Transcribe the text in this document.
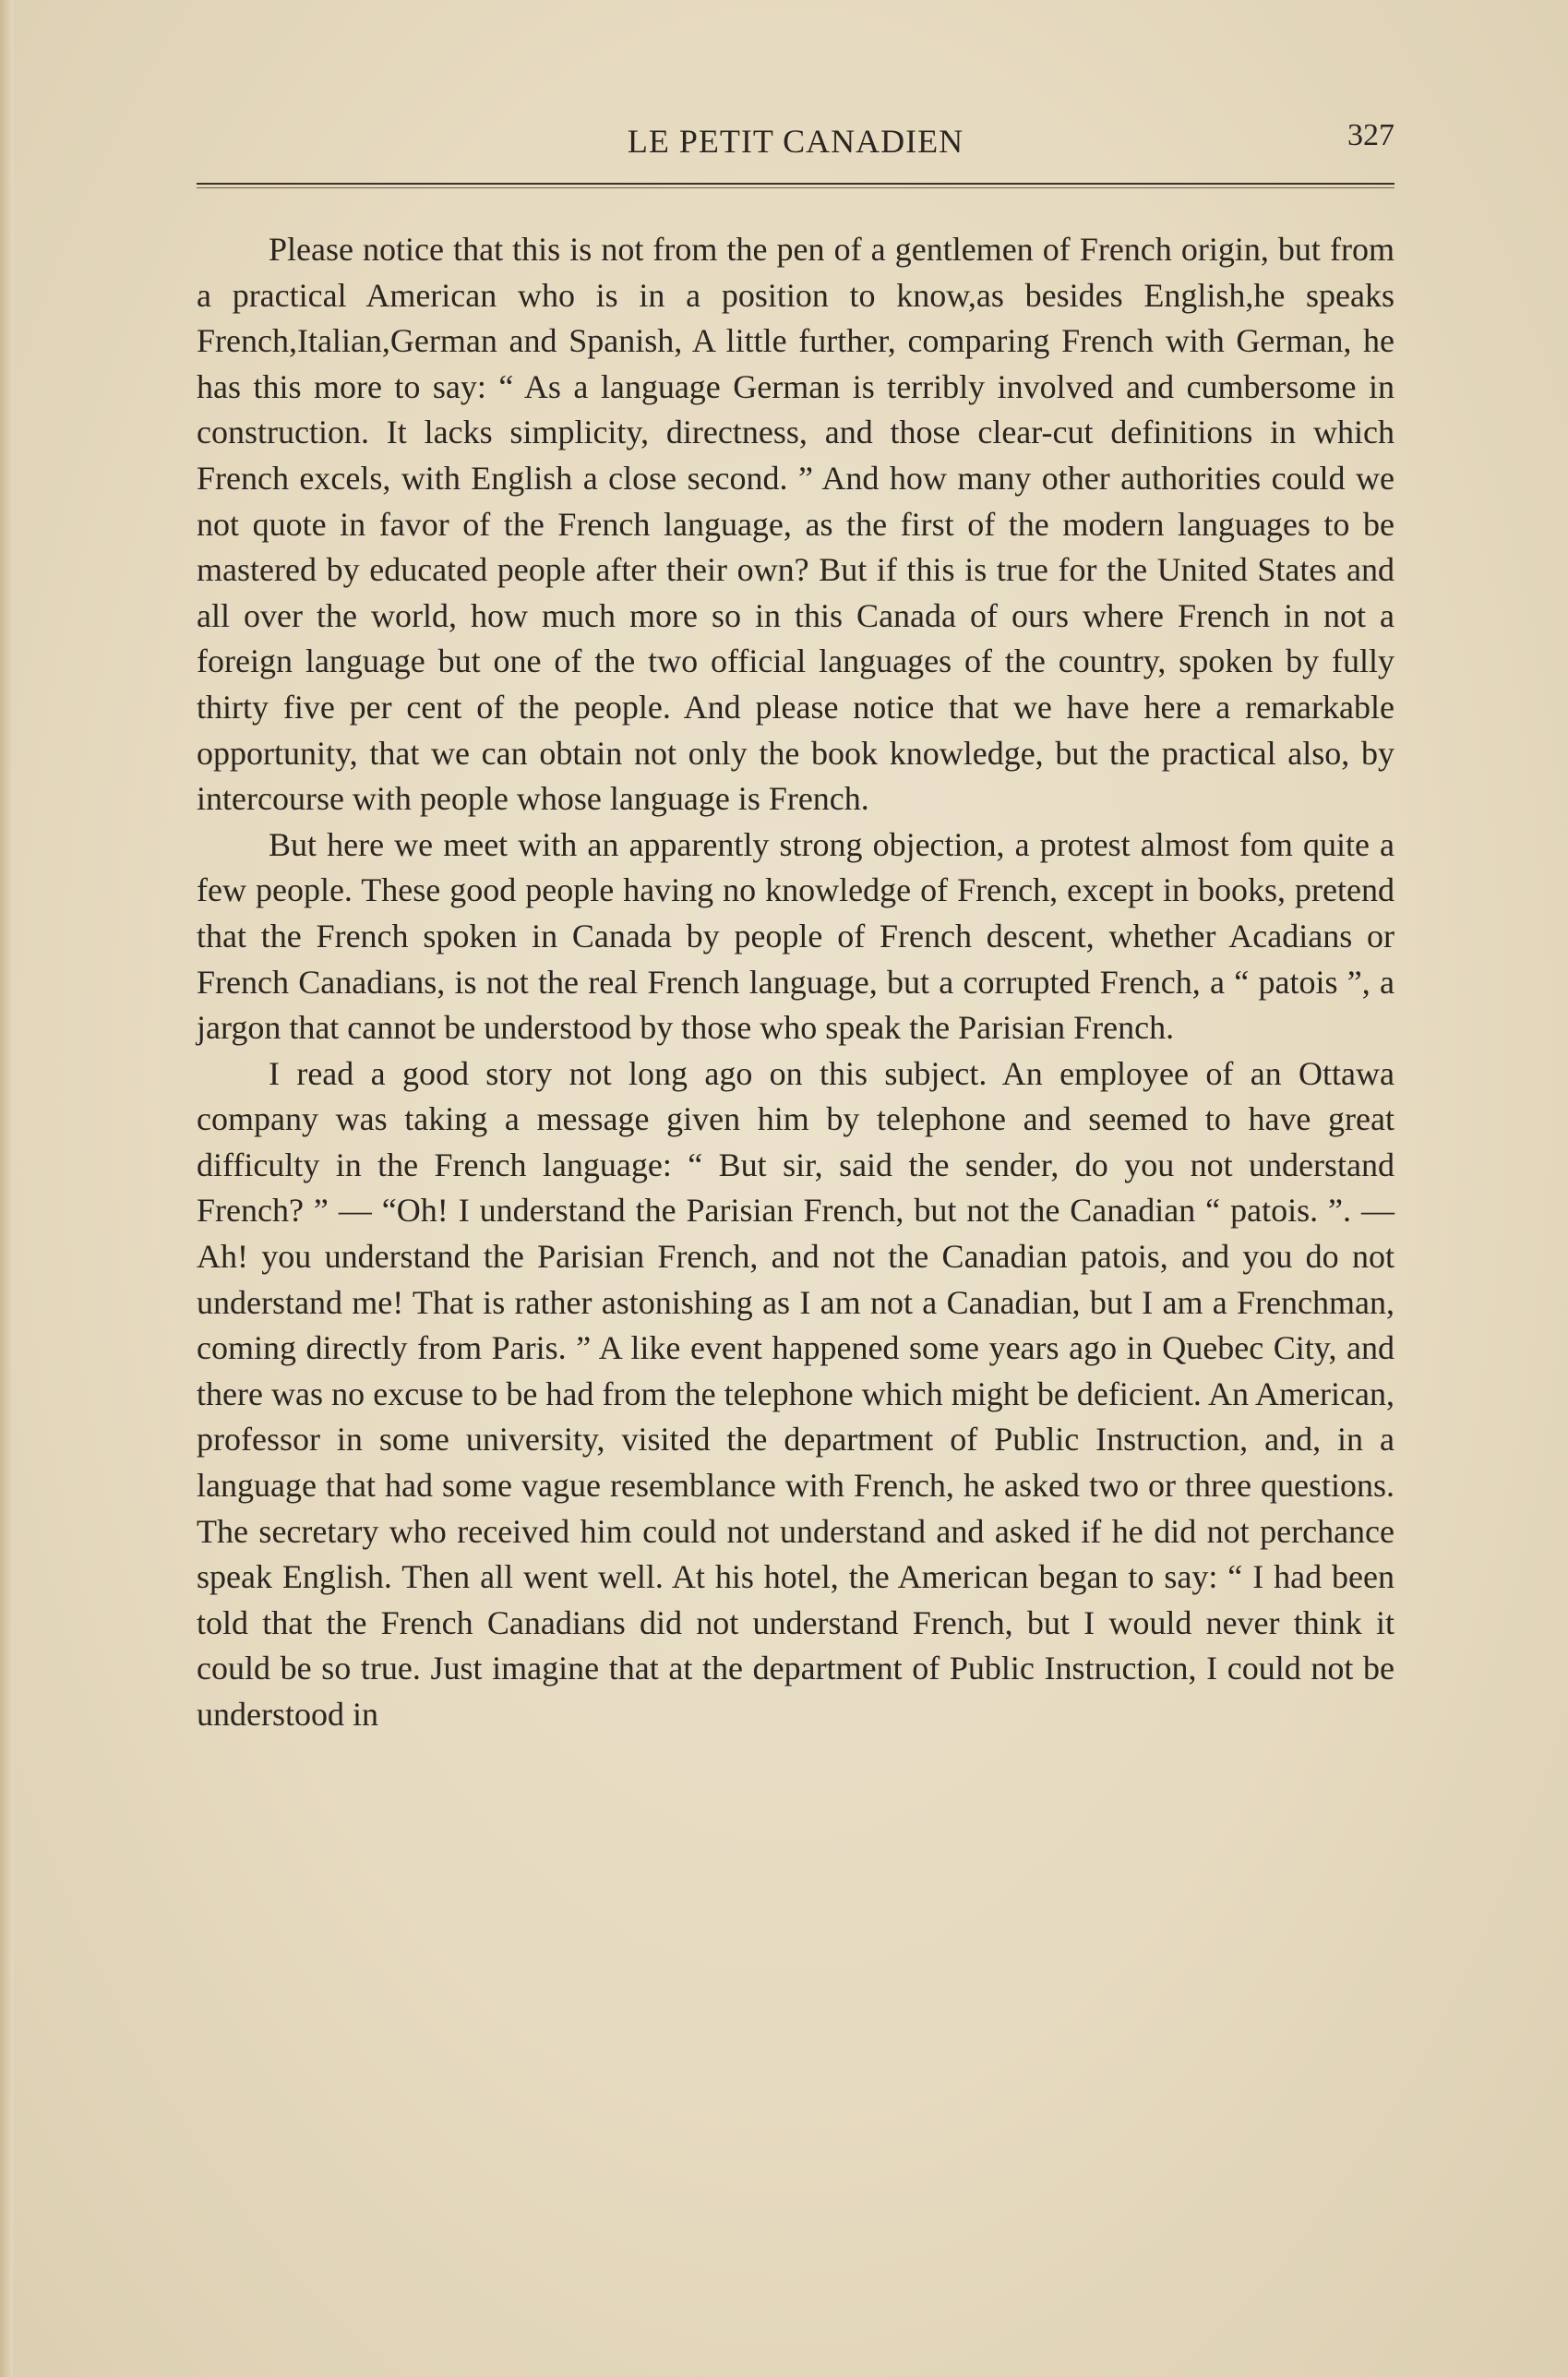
LE PETIT CANADIEN	327

Please notice that this is not from the pen of a gentlemen of French origin, but from a practical American who is in a position to know,as besides English,he speaks French,Italian,German and Spanish, A little further, comparing French with German, he has this more to say: “ As a language German is terribly involved and cumbersome in construction. It lacks simplicity, directness, and those clear-cut definitions in which French excels, with English a close second. ” And how many other authorities could we not quote in favor of the French language, as the first of the modern languages to be mastered by educated people after their own? But if this is true for the United States and all over the world, how much more so in this Canada of ours where French in not a foreign language but one of the two official languages of the country, spoken by fully thirty five per cent of the people. And please notice that we have here a remarkable opportunity, that we can obtain not only the book knowledge, but the practical also, by intercourse with people whose language is French.

But here we meet with an apparently strong objection, a protest almost fom quite a few people. These good people having no knowledge of French, except in books, pretend that the French spoken in Canada by people of French descent, whether Acadians or French Canadians, is not the real French language, but a corrupted French, a “ patois ”, a jargon that cannot be understood by those who speak the Parisian French.

I read a good story not long ago on this subject. An employee of an Ottawa company was taking a message given him by telephone and seemed to have great difficulty in the French language: “ But sir, said the sender, do you not understand French? ” — “Oh! I understand the Parisian French, but not the Canadian “ patois. ”. — Ah! you understand the Parisian French, and not the Canadian patois, and you do not understand me! That is rather astonishing as I am not a Canadian, but I am a Frenchman, coming directly from Paris. ” A like event happened some years ago in Quebec City, and there was no excuse to be had from the telephone which might be deficient. An American, professor in some university, visited the department of Public Instruction, and, in a language that had some vague resemblance with French, he asked two or three questions. The secretary who received him could not understand and asked if he did not perchance speak English. Then all went well. At his hotel, the American began to say: “ I had been told that the French Canadians did not understand French, but I would never think it could be so true. Just imagine that at the department of Public Instruction, I could not be understood in
